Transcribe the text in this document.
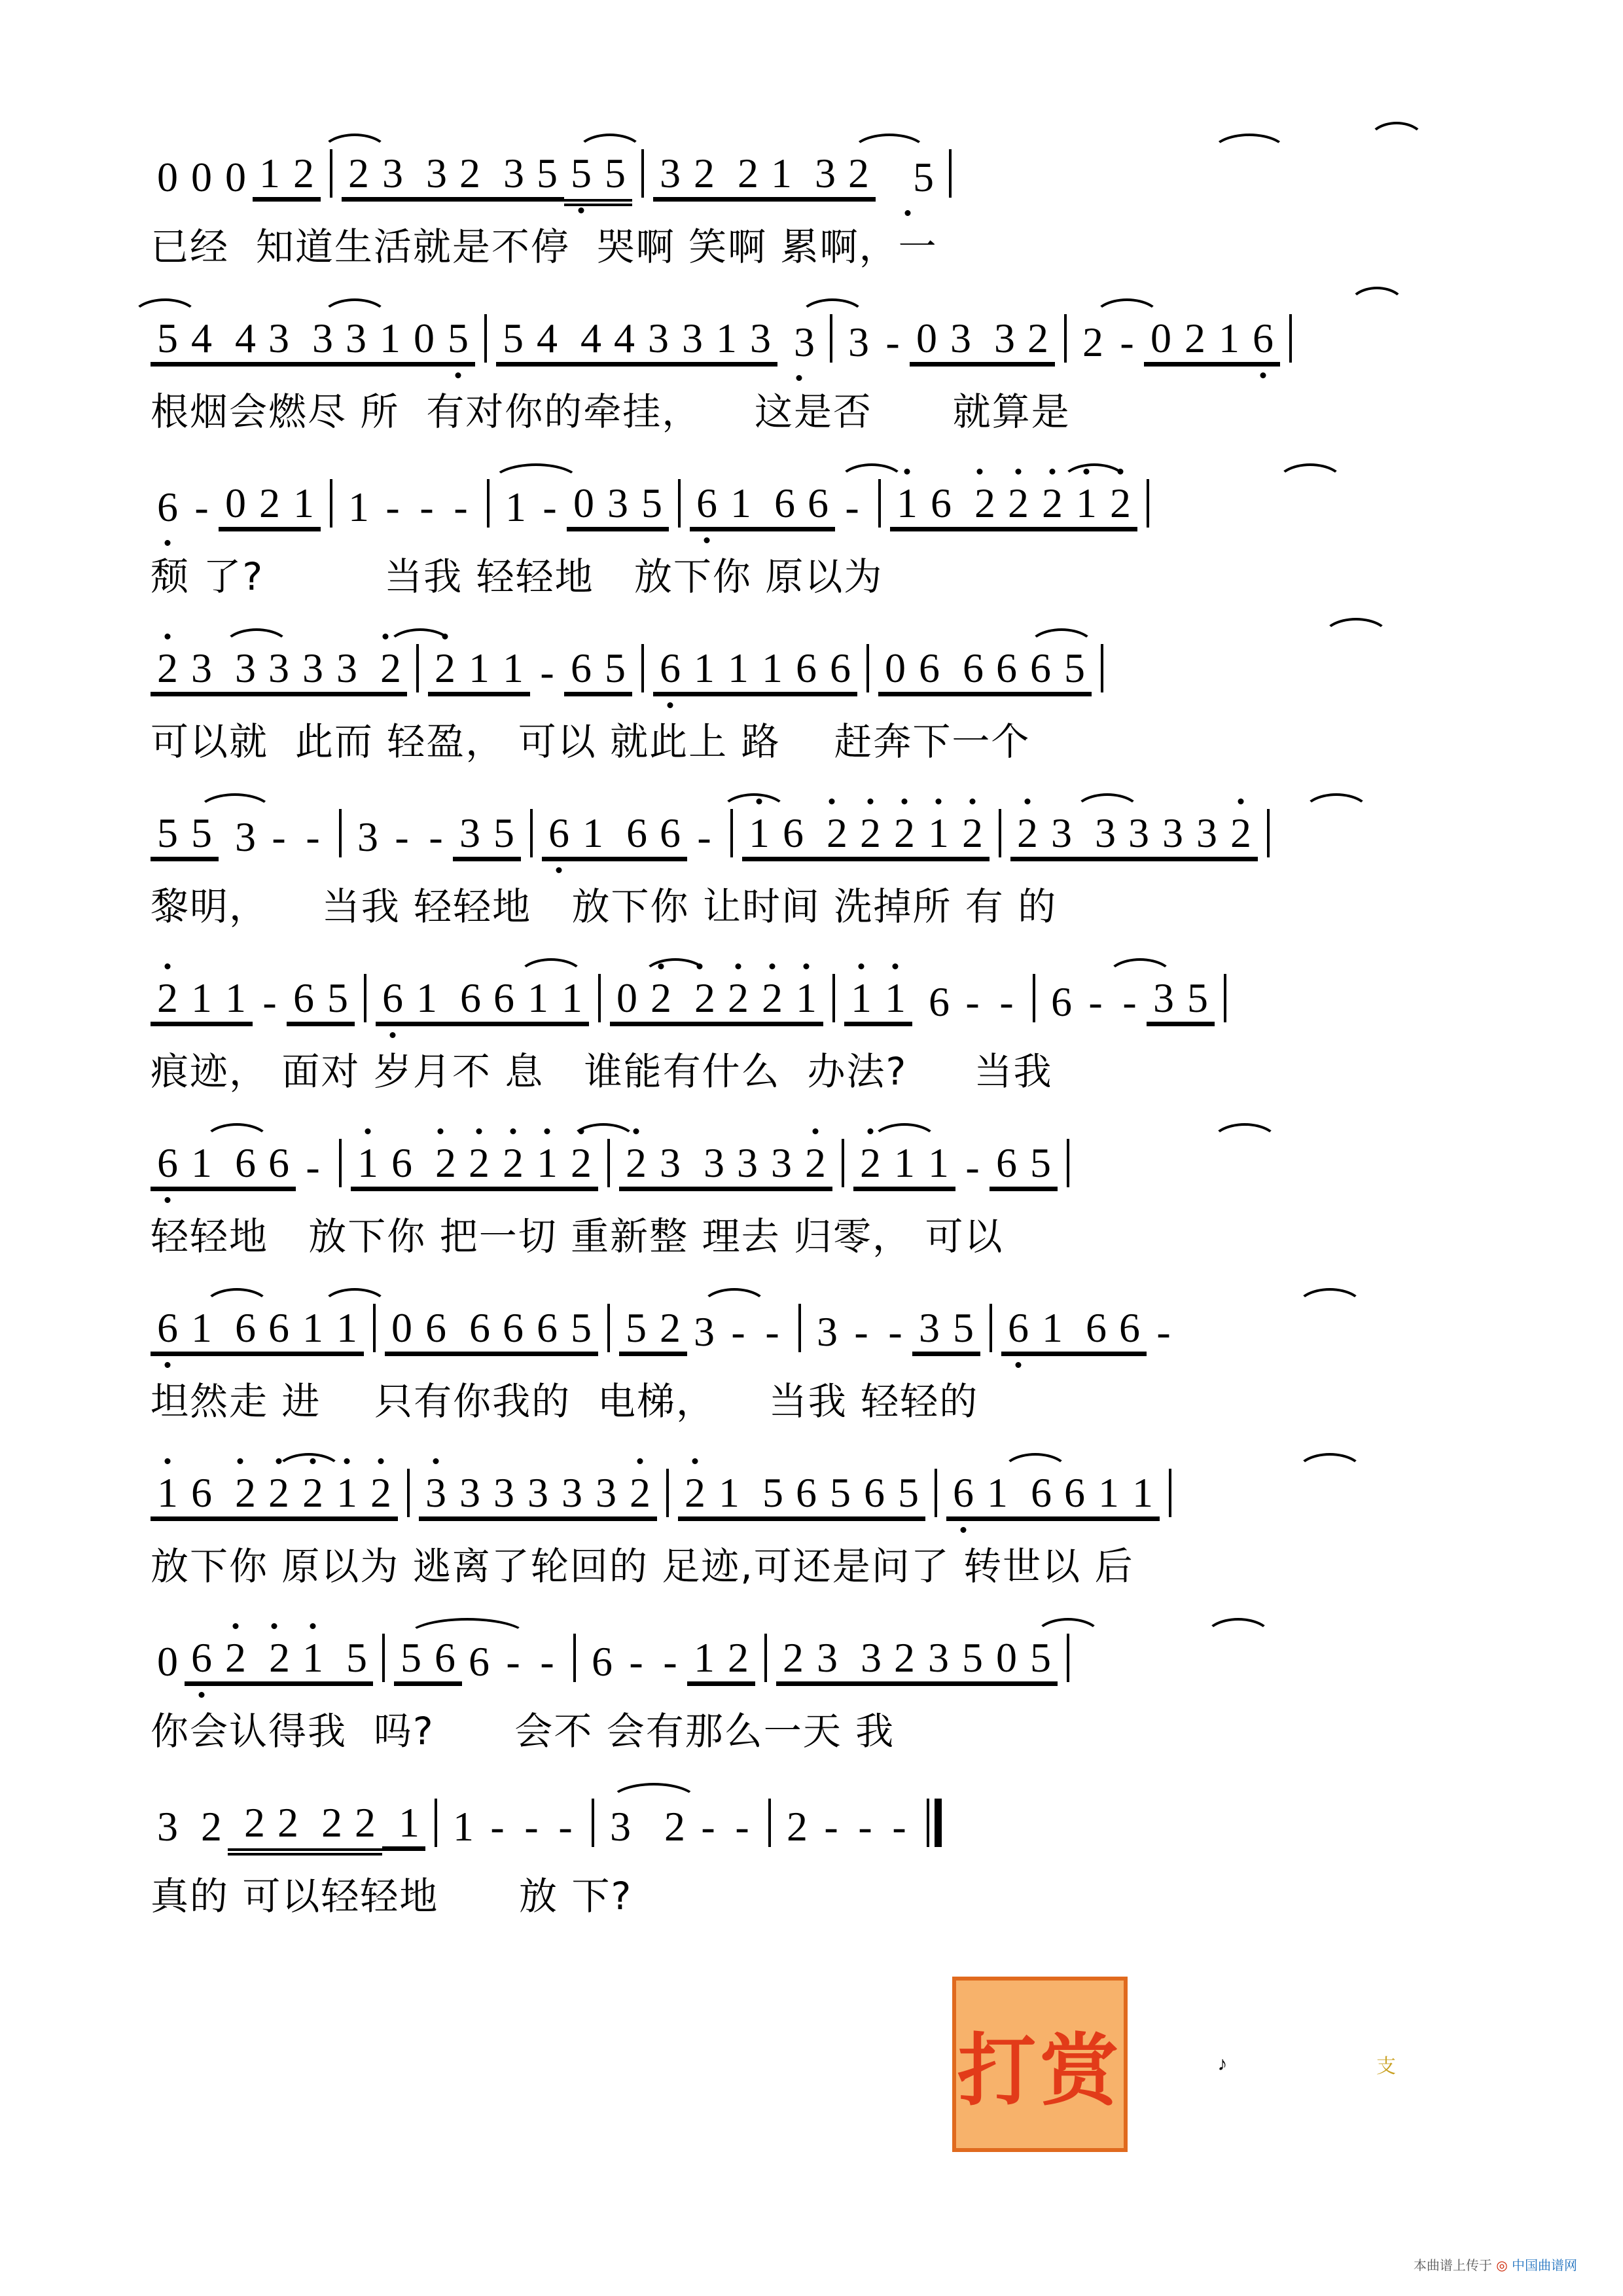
0 0 0 1 2 2 3 3 2 3 5 5 5 3 2 2 1 3 2 5
已经  知道生活就是不停  哭啊 笑啊 累啊，一
5 4 4 3 3 3 1 0 5 5 4 4 4 3 3 1 3 3 3 - 0 3 3 2 2 - 0 2 1 6
根烟会燃尽 所  有对你的牵挂，    这是否      就算是
6 - 0 2 1 1 - - - 1 - 0 3 5 6 1 6 6 - 1 6 2 2 2 1 2
颓 了?         当我 轻轻地   放下你 原以为
2 3 3 3 3 3 2 2 1 1 - 6 5 6 1 1 1 6 6 0 6 6 6 6 5
可以就  此而 轻盈， 可以 就此上 路    赶奔下一个
5 5 3 - - 3 - - 3 5 6 1 6 6 - 1 6 2 2 2 1 2 2 3 3 3 3 3 2
黎明，    当我 轻轻地   放下你 让时间 洗掉所 有 的
2 1 1 - 6 5 6 1 6 6 1 1 0 2 2 2 2 1 1 1 6 - - 6 - - 3 5
痕迹， 面对 岁月不 息   谁能有什么  办法?     当我
6 1 6 6 - 1 6 2 2 2 1 2 2 3 3 3 3 2 2 1 1 - 6 5
轻轻地   放下你 把一切 重新整 理去 归零， 可以
6 1 6 6 1 1 0 6 6 6 6 5 5 2 3 - - 3 - - 3 5 6 1 6 6 -
坦然走 进    只有你我的  电梯，    当我 轻轻的
1 6 2 2 2 1 2 3 3 3 3 3 3 2 2 1 5 6 5 6 5 6 1 6 6 1 1
放下你 原以为 逃离了轮回的 足迹,可还是问了 转世以 后
0 6 2 2 1 5 5 6 6 - - 6 - - 1 2 2 3 3 2 3 5 0 5
你会认得我  吗?      会不 会有那么一天 我
3 2 2 2 2 2 1 1 - - - 3 2 - - 2 - - -
真的 可以轻轻地      放 下?
打赏	♪	支
本曲谱上传于 ◎ 中国曲谱网
